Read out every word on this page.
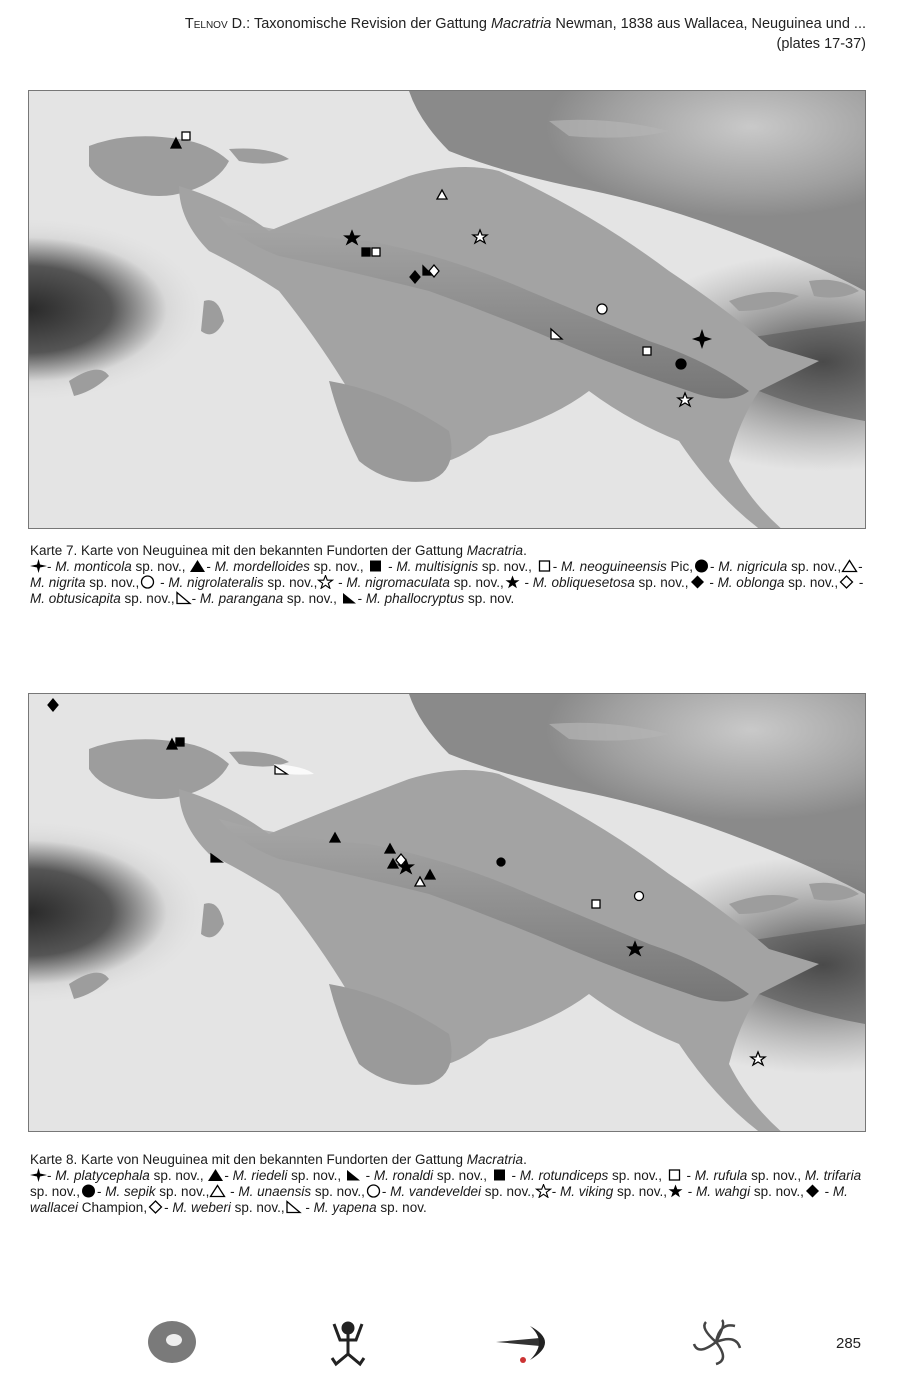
Telnov D.: Taxonomische Revision der Gattung Macratria Newman, 1838 aus Wallacea, Neuguinea und ...
(plates 17-37)
Karte 7. Karte von Neuguinea mit den bekannten Fundorten der Gattung Macratria.
- M. monticola sp. nov.,
- M. mordelloides sp. nov.,
- M. multisignis sp. nov.,
- M. neoguineensis Pic, - M. nigricula sp. nov., - M. nigrita sp. nov.,
- M. nigrolateralis sp. nov.,
- M. nigromaculata sp. nov.,
- M. obliquesetosa sp. nov.,
- M. oblonga sp. nov.,
- M. obtusicapita sp. nov., - M. parangana sp. nov.,
- M. phallocryptus sp. nov.
Karte 8. Karte von Neuguinea mit den bekannten Fundorten der Gattung Macratria.
- M. platycephala sp. nov.,
- M. riedeli sp. nov.,
- M. ronaldi sp. nov.,
- M. rotundiceps sp. nov.,
- M. rufula sp. nov., M. trifaria sp. nov., - M. sepik sp. nov.,
- M. unaensis sp. nov., - M. vandeveldei sp. nov., - M. viking sp. nov.,
- M. wahgi sp. nov.,
- M. wallacei Champion, - M. weberi sp. nov.,
- M. yapena sp. nov.
285
